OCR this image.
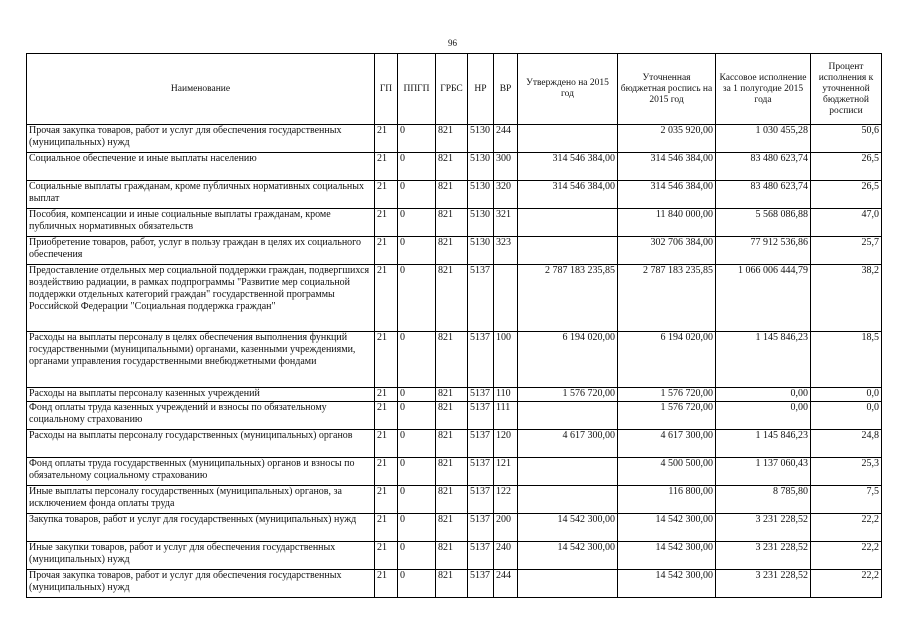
96
Наименование	ГП	ППГП	ГРБС	НР	ВР	Утверждено на 2015 год	Уточненная бюджетная роспись на 2015 год	Кассовое исполнение за 1 полугодие 2015 года	Процент исполнения к уточненной бюджетной росписи
Прочая закупка товаров, работ и услуг для обеспечения государственных (муниципальных) нужд	21	0	821	5130	244		2 035 920,00	1 030 455,28	50,6
Социальное обеспечение и иные выплаты населению	21	0	821	5130	300	314 546 384,00	314 546 384,00	83 480 623,74	26,5
Социальные выплаты гражданам, кроме публичных нормативных социальных выплат	21	0	821	5130	320	314 546 384,00	314 546 384,00	83 480 623,74	26,5
Пособия, компенсации и иные социальные выплаты гражданам, кроме публичных нормативных обязательств	21	0	821	5130	321		11 840 000,00	5 568 086,88	47,0
Приобретение товаров, работ, услуг в пользу граждан в целях их социального обеспечения	21	0	821	5130	323		302 706 384,00	77 912 536,86	25,7
Предоставление отдельных мер социальной поддержки граждан, подвергшихся воздействию радиации, в рамках подпрограммы "Развитие мер социальной поддержки отдельных категорий граждан" государственной программы Российской Федерации "Социальная поддержка граждан"	21	0	821	5137		2 787 183 235,85	2 787 183 235,85	1 066 006 444,79	38,2
Расходы на выплаты персоналу в целях обеспечения выполнения функций государственными (муниципальными) органами, казенными учреждениями, органами управления государственными внебюджетными фондами	21	0	821	5137	100	6 194 020,00	6 194 020,00	1 145 846,23	18,5
Расходы на выплаты персоналу казенных учреждений	21	0	821	5137	110	1 576 720,00	1 576 720,00	0,00	0,0
Фонд оплаты труда казенных учреждений и взносы по обязательному социальному страхованию	21	0	821	5137	111		1 576 720,00	0,00	0,0
Расходы на выплаты персоналу государственных (муниципальных) органов	21	0	821	5137	120	4 617 300,00	4 617 300,00	1 145 846,23	24,8
Фонд оплаты труда государственных (муниципальных) органов и взносы по обязательному социальному страхованию	21	0	821	5137	121		4 500 500,00	1 137 060,43	25,3
Иные выплаты персоналу государственных (муниципальных) органов, за исключением фонда оплаты труда	21	0	821	5137	122		116 800,00	8 785,80	7,5
Закупка товаров, работ и услуг для государственных (муниципальных) нужд	21	0	821	5137	200	14 542 300,00	14 542 300,00	3 231 228,52	22,2
Иные закупки товаров, работ и услуг для обеспечения государственных (муниципальных) нужд	21	0	821	5137	240	14 542 300,00	14 542 300,00	3 231 228,52	22,2
Прочая закупка товаров, работ и услуг для обеспечения государственных (муниципальных) нужд	21	0	821	5137	244		14 542 300,00	3 231 228,52	22,2
